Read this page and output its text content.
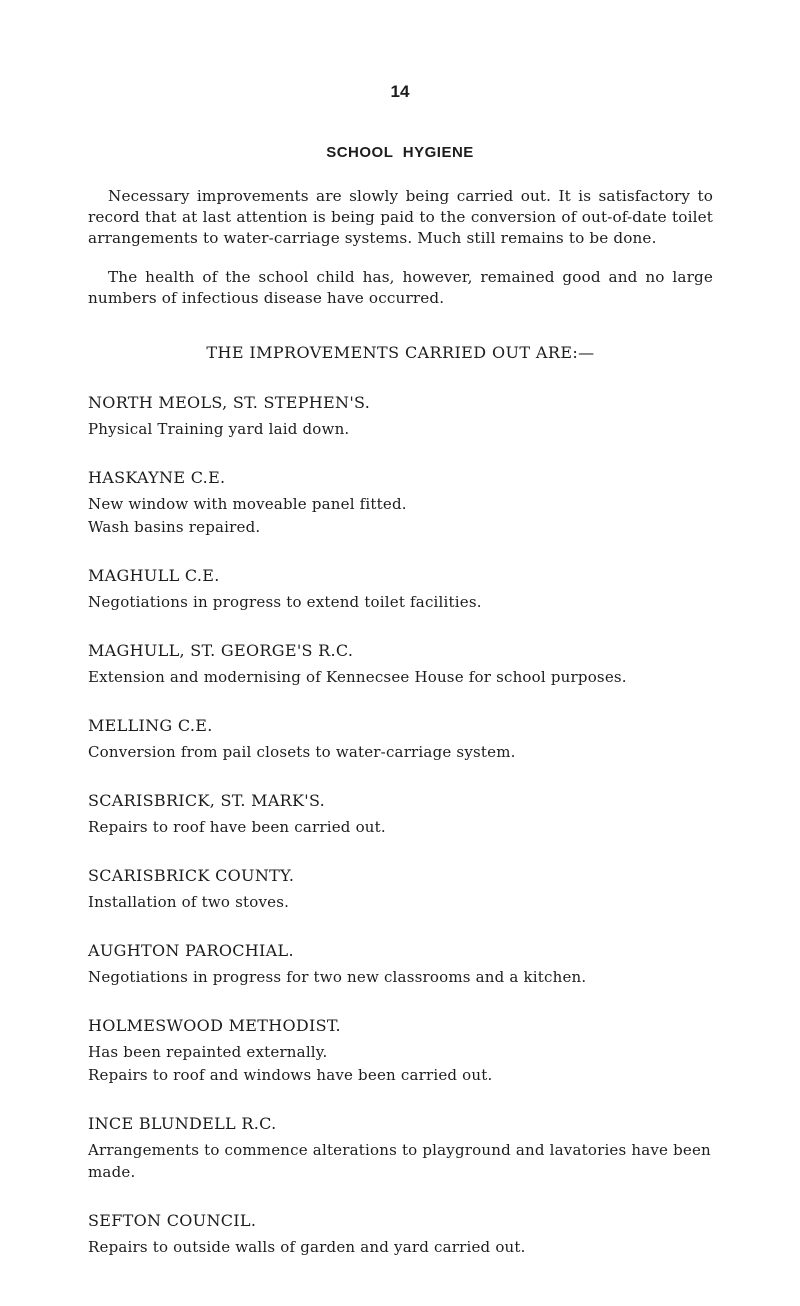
14
SCHOOL HYGIENE

Necessary improvements are slowly being carried out. It is satisfactory to record that at last attention is being paid to the conversion of out-of-date toilet arrangements to water-carriage systems. Much still remains to be done.

The health of the school child has, however, remained good and no large numbers of infectious disease have occurred.

THE IMPROVEMENTS CARRIED OUT ARE:—
NORTH MEOLS, ST. STEPHEN'S.
Physical Training yard laid down.
HASKAYNE C.E.
New window with moveable panel fitted.
Wash basins repaired.
MAGHULL C.E.
Negotiations in progress to extend toilet facilities.
MAGHULL, ST. GEORGE'S R.C.
Extension and modernising of Kennecsee House for school purposes.
MELLING C.E.
Conversion from pail closets to water-carriage system.
SCARISBRICK, ST. MARK'S.
Repairs to roof have been carried out.
SCARISBRICK COUNTY.
Installation of two stoves.
AUGHTON PAROCHIAL.
Negotiations in progress for two new classrooms and a kitchen.
HOLMESWOOD METHODIST.
Has been repainted externally.
Repairs to roof and windows have been carried out.
INCE BLUNDELL R.C.
Arrangements to commence alterations to playground and lavatories have been made.
SEFTON COUNCIL.
Repairs to outside walls of garden and yard carried out.
